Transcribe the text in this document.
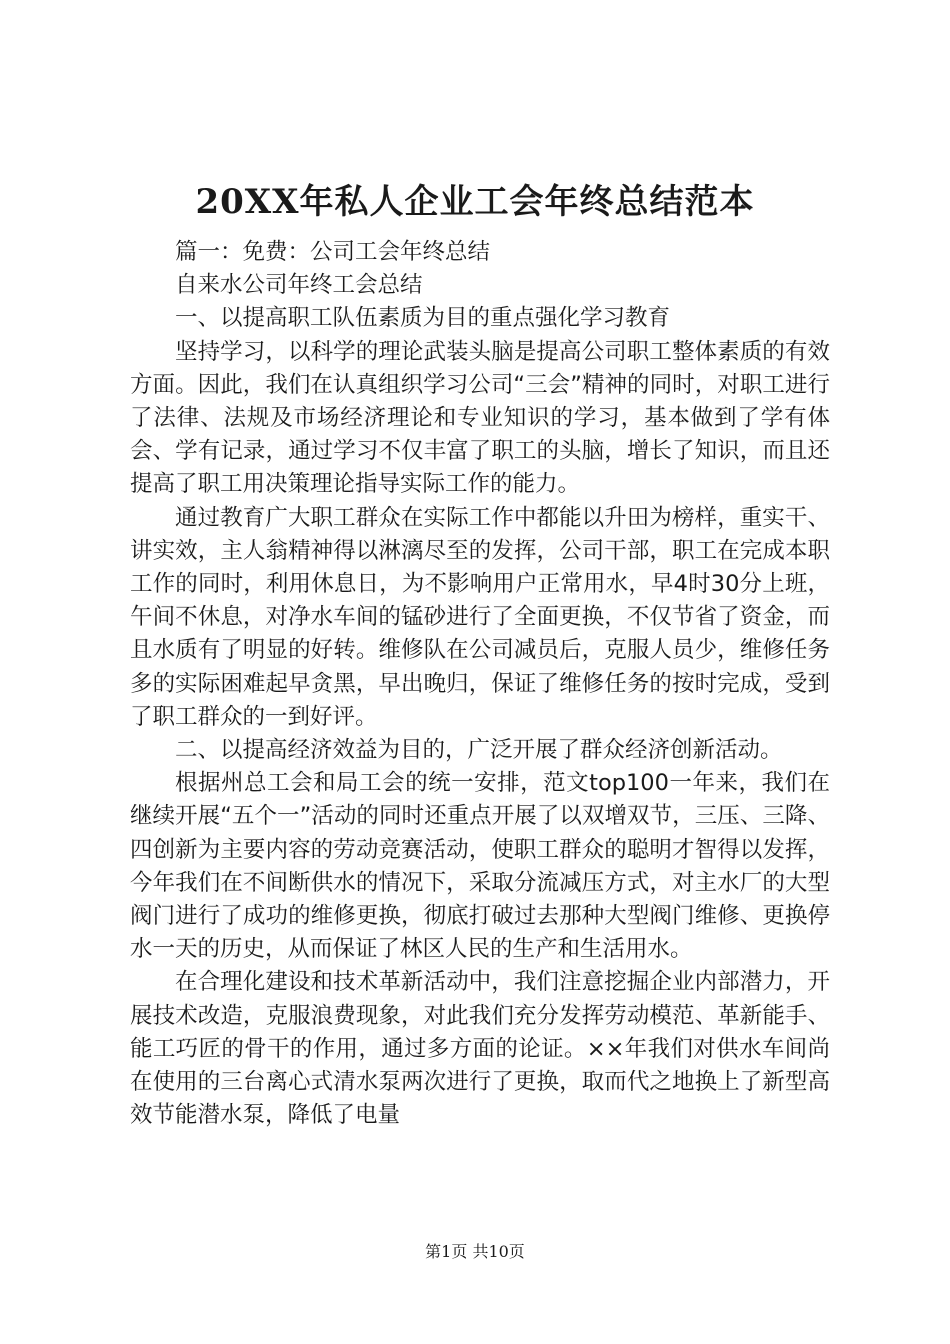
20XX年私人企业工会年终总结范本

篇一：免费：公司工会年终总结

自来水公司年终工会总结

一、以提高职工队伍素质为目的重点强化学习教育

坚持学习，以科学的理论武装头脑是提高公司职工整体素质的有效方面。因此，我们在认真组织学习公司“三会”精神的同时，对职工进行了法律、法规及市场经济理论和专业知识的学习，基本做到了学有体会、学有记录，通过学习不仅丰富了职工的头脑，增长了知识，而且还提高了职工用决策理论指导实际工作的能力。

通过教育广大职工群众在实际工作中都能以升田为榜样，重实干、讲实效，主人翁精神得以淋漓尽至的发挥，公司干部，职工在完成本职工作的同时，利用休息日，为不影响用户正常用水，早4时30分上班，午间不休息，对净水车间的锰砂进行了全面更换，不仅节省了资金，而且水质有了明显的好转。维修队在公司减员后，克服人员少，维修任务多的实际困难起早贪黑，早出晚归，保证了维修任务的按时完成，受到了职工群众的一到好评。

二、以提高经济效益为目的，广泛开展了群众经济创新活动。

根据州总工会和局工会的统一安排，范文top100一年来，我们在继续开展“五个一”活动的同时还重点开展了以双增双节，三压、三降、四创新为主要内容的劳动竞赛活动，使职工群众的聪明才智得以发挥，今年我们在不间断供水的情况下，采取分流减压方式，对主水厂的大型阀门进行了成功的维修更换，彻底打破过去那种大型阀门维修、更换停水一天的历史，从而保证了林区人民的生产和生活用水。

在合理化建设和技术革新活动中，我们注意挖掘企业内部潜力，开展技术改造，克服浪费现象，对此我们充分发挥劳动模范、革新能手、能工巧匠的骨干的作用，通过多方面的论证。××年我们对供水车间尚在使用的三台离心式清水泵两次进行了更换，取而代之地换上了新型高效节能潜水泵，降低了电量

第1页 共10页
